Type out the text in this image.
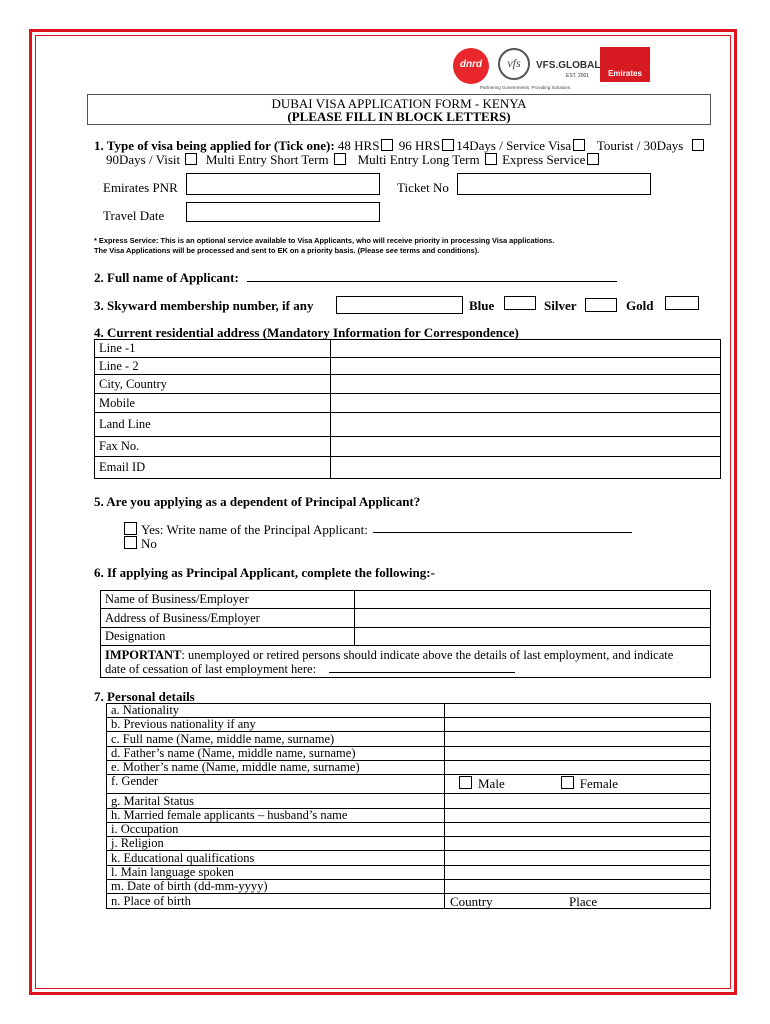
dnrd	vfs	VFS.GLOBAL
EST. 2001
Partnering Governments. Providing Solutions.
Emirates
DUBAI VISA APPLICATION FORM - KENYA
(PLEASE FILL IN BLOCK LETTERS)
1. Type of visa being applied for (Tick one): 48 HRS 96 HRS 14Days / Service Visa Tourist / 30Days
90Days / Visit Multi Entry Short Term Multi Entry Long Term Express Service
Emirates PNR	Ticket No
Travel Date
* Express Service: This is an optional service available to Visa Applicants, who will receive priority in processing Visa applications.
The Visa Applications will be processed and sent to EK on a priority basis. (Please see terms and conditions).
2. Full name of Applicant:
3. Skyward membership number, if any	Blue	Silver	Gold
4. Current residential address (Mandatory Information for Correspondence)
Line -1	
Line - 2	
City, Country	
Mobile	
Land Line	
Fax No.	
Email ID	
5. Are you applying as a dependent of Principal Applicant?
Yes: Write name of the Principal Applicant:
No
6. If applying as Principal Applicant, complete the following:-
Name of Business/Employer	
Address of Business/Employer	
Designation	
IMPORTANT: unemployed or retired persons should indicate above the details of last employment, and indicate
date of cessation of last employment here:	
7. Personal details
a. Nationality		
b. Previous nationality if any		
c. Full name (Name, middle name, surname)		
d. Father’s name (Name, middle name, surname)		
e. Mother’s name (Name, middle name, surname)		
f. Gender	Male Female	
g. Marital Status		
h. Married female applicants – husband’s name		
i. Occupation		
j. Religion		
k. Educational qualifications		
l. Main language spoken		
m. Date of birth (dd-mm-yyyy)		
n. Place of birth	Country	Place
